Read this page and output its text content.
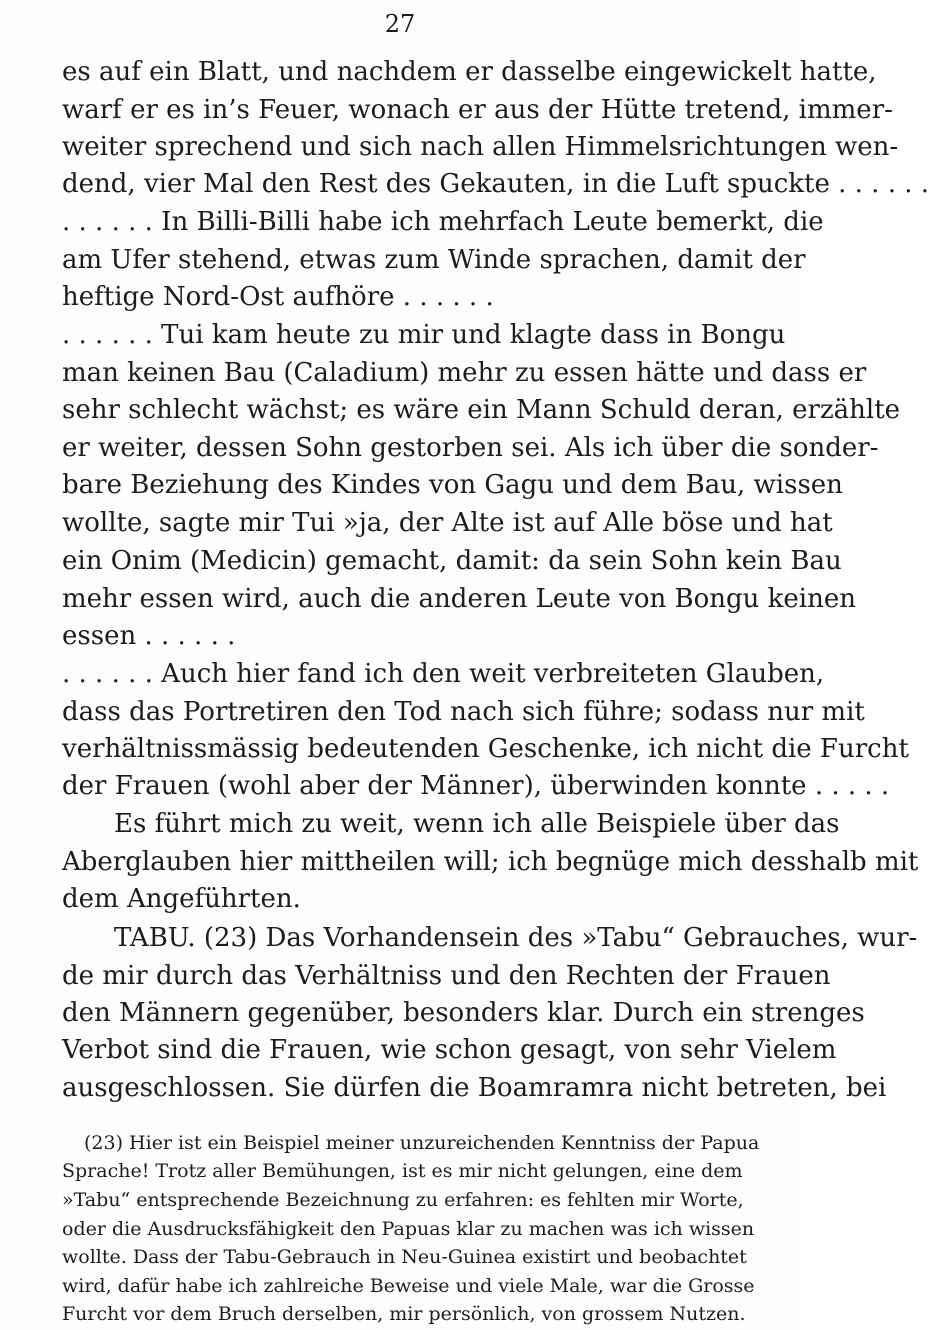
27
es auf ein Blatt, und nachdem er dasselbe eingewickelt hatte,
warf er es in’s Feuer, wonach er aus der Hütte tretend, immer-
weiter sprechend und sich nach allen Himmelsrichtungen wen-
dend, vier Mal den Rest des Gekauten, in die Luft spuckte . . . . . .
. . . . . . In Billi-Billi habe ich mehrfach Leute bemerkt, die
am Ufer stehend, etwas zum Winde sprachen, damit der
heftige Nord-Ost aufhöre . . . . . .
. . . . . . Tui kam heute zu mir und klagte dass in Bongu
man keinen Bau (Caladium) mehr zu essen hätte und dass er
sehr schlecht wächst; es wäre ein Mann Schuld deran, erzählte
er weiter, dessen Sohn gestorben sei. Als ich über die sonder-
bare Beziehung des Kindes von Gagu und dem Bau, wissen
wollte, sagte mir Tui »ja, der Alte ist auf Alle böse und hat
ein Onim (Medicin) gemacht, damit: da sein Sohn kein Bau
mehr essen wird, auch die anderen Leute von Bongu keinen
essen . . . . . .
. . . . . . Auch hier fand ich den weit verbreiteten Glauben,
dass das Portretiren den Tod nach sich führe; sodass nur mit
verhältnissmässig bedeutenden Geschenke, ich nicht die Furcht
der Frauen (wohl aber der Männer), überwinden konnte . . . . .
Es führt mich zu weit, wenn ich alle Beispiele über das
Aberglauben hier mittheilen will; ich begnüge mich desshalb mit
dem Angeführten.
TABU. (23) Das Vorhandensein des »Tabu“ Gebrauches, wur-
de mir durch das Verhältniss und den Rechten der Frauen
den Männern gegenüber, besonders klar. Durch ein strenges
Verbot sind die Frauen, wie schon gesagt, von sehr Vielem
ausgeschlossen. Sie dürfen die Boamramra nicht betreten, bei
(23) Hier ist ein Beispiel meiner unzureichenden Kenntniss der Papua
Sprache! Trotz aller Bemühungen, ist es mir nicht gelungen, eine dem
»Tabu“ entsprechende Bezeichnung zu erfahren: es fehlten mir Worte,
oder die Ausdrucksfähigkeit den Papuas klar zu machen was ich wissen
wollte. Dass der Tabu-Gebrauch in Neu-Guinea existirt und beobachtet
wird, dafür habe ich zahlreiche Beweise und viele Male, war die Grosse
Furcht vor dem Bruch derselben, mir persönlich, von grossem Nutzen.
